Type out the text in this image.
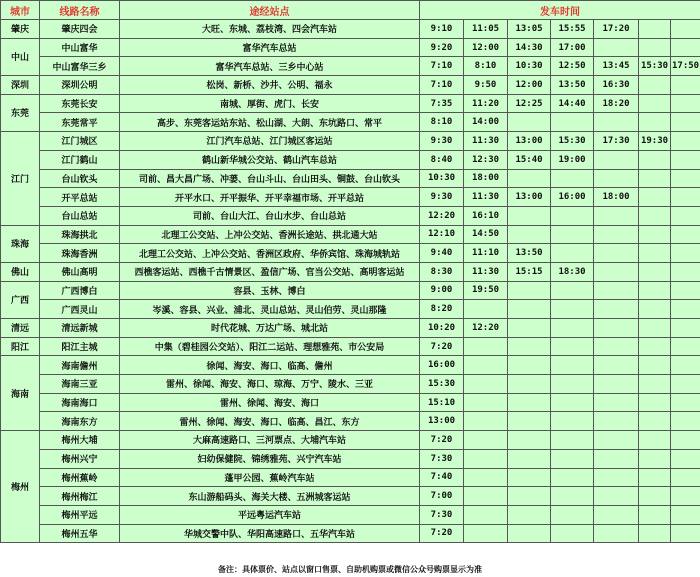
城市	线路名称	途经站点	发车时间						
肇庆	肇庆四会	大旺、东城、荔枝湾、四会汽车站	9:10	11:05	13:05	15:55	17:20		
中山	中山富华	富华汽车总站	9:20	12:00	14:30	17:00			
	中山富华三乡	富华汽车总站、三乡中心站	7:10	8:10	10:30	12:50	13:45	15:30	17:50
深圳	深圳公明	松岗、新桥、沙井、公明、福永	7:10	9:50	12:00	13:50	16:30		
东莞	东莞长安	南城、厚街、虎门、长安	7:35	11:20	12:25	14:40	18:20		
	东莞常平	高步、东莞客运站东站、松山湖、大朗、东坑路口、常平	8:10	14:00					
江门	江门城区	江门汽车总站、江门城区客运站	9:30	11:30	13:00	15:30	17:30	19:30	
	江门鹤山	鹤山新华城公交站、鹤山汽车总站	8:40	12:30	15:40	19:00			
	台山钦头	司前、昌大昌广场、冲蒌、台山斗山、台山田头、铜鼓、台山钦头	10:30	18:00					
	开平总站	开平水口、开平振华、开平幸福市场、开平总站	9:30	11:30	13:00	16:00	18:00		
	台山总站	司前、台山大江、台山水步、台山总站	12:20	16:10					
珠海	珠海拱北	北理工公交站、上冲公交站、香洲长途站、拱北通大站	12:10	14:50					
	珠海香洲	北理工公交站、上冲公交站、香洲区政府、华侨宾馆、珠海城轨站	9:40	11:10	13:50				
佛山	佛山高明	西樵客运站、西樵千古情景区、盈信广场、官当公交站、高明客运站	8:30	11:30	15:15	18:30			
广西	广西博白	容县、玉林、博白	9:00	19:50					
	广西灵山	岑溪、容县、兴业、浦北、灵山总站、灵山伯劳、灵山那隆	8:20						
清远	清远新城	时代花城、万达广场、城北站	10:20	12:20					
阳江	阳江主城	中集（碧桂园公交站）、阳江二运站、理想雅苑、市公安局	7:20						
海南	海南儋州	徐闻、海安、海口、临高、儋州	16:00						
	海南三亚	雷州、徐闻、海安、海口、琼海、万宁、陵水、三亚	15:30						
	海南海口	雷州、徐闻、海安、海口	15:10						
	海南东方	雷州、徐闻、海安、海口、临高、昌江、东方	13:00						
梅州	梅州大埔	大麻高速路口、三河票点、大埔汽车站	7:20						
	梅州兴宁	妇幼保健院、锦绣雅苑、兴宁汽车站	7:30						
	梅州蕉岭	蓬甲公园、蕉岭汽车站	7:40						
	梅州梅江	东山游船码头、海关大楼、五洲城客运站	7:00						
	梅州平远	平远粤运汽车站	7:30						
	梅州五华	华城交警中队、华阳高速路口、五华汽车站	7:20						
备注：具体票价、站点以窗口售票、自助机购票或微信公众号购票显示为准
